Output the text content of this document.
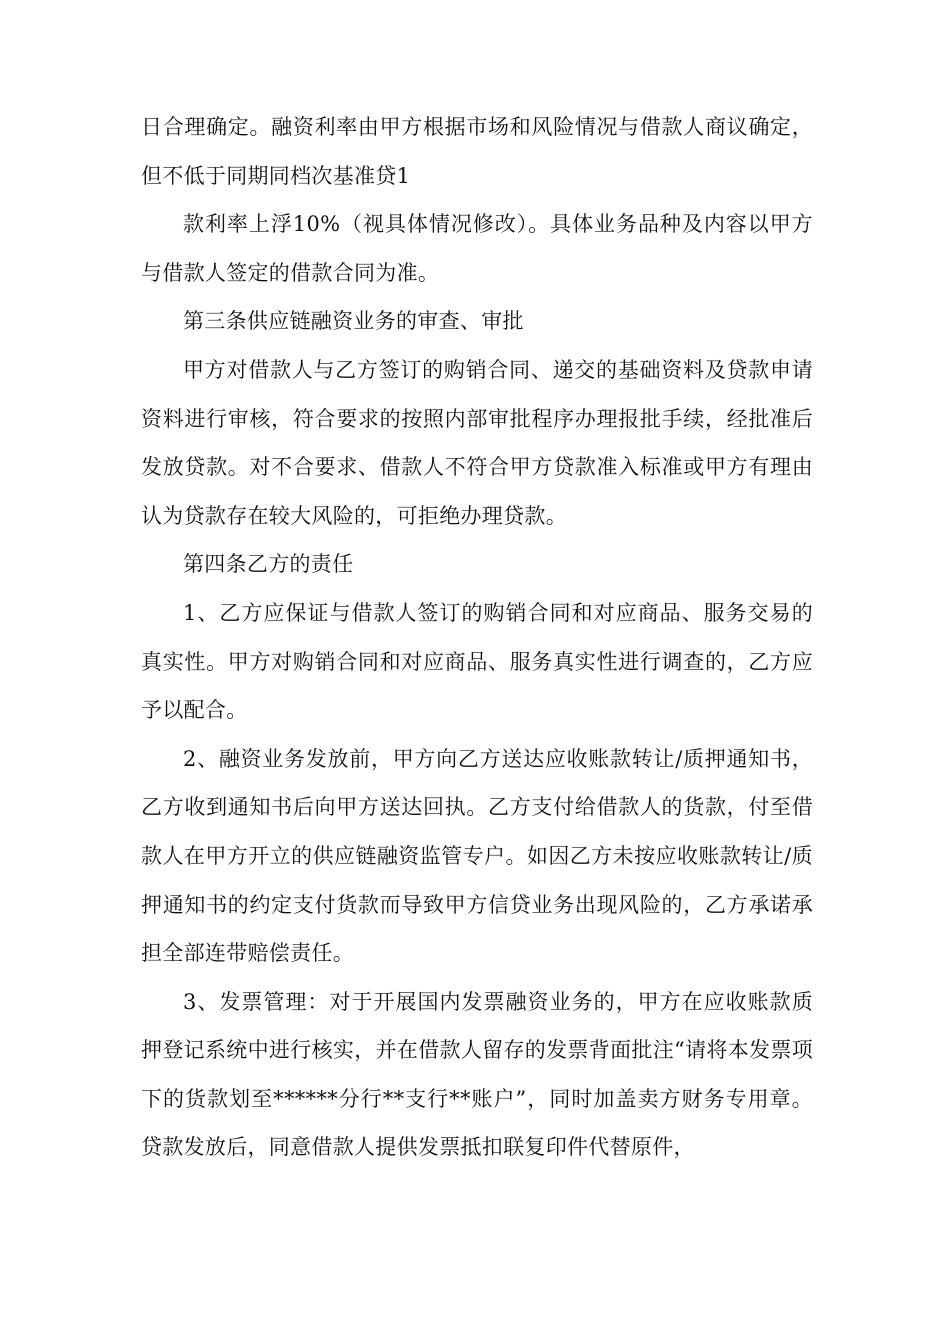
日合理确定。融资利率由甲方根据市场和风险情况与借款人商议确定，但不低于同期同档次基准贷1

款利率上浮10%（视具体情况修改）。具体业务品种及内容以甲方与借款人签定的借款合同为准。

第三条供应链融资业务的审查、审批

甲方对借款人与乙方签订的购销合同、递交的基础资料及贷款申请资料进行审核，符合要求的按照内部审批程序办理报批手续，经批准后发放贷款。对不合要求、借款人不符合甲方贷款准入标准或甲方有理由认为贷款存在较大风险的，可拒绝办理贷款。

第四条乙方的责任

1、乙方应保证与借款人签订的购销合同和对应商品、服务交易的真实性。甲方对购销合同和对应商品、服务真实性进行调查的，乙方应予以配合。

2、融资业务发放前，甲方向乙方送达应收账款转让/质押通知书，乙方收到通知书后向甲方送达回执。乙方支付给借款人的货款，付至借款人在甲方开立的供应链融资监管专户。如因乙方未按应收账款转让/质押通知书的约定支付货款而导致甲方信贷业务出现风险的，乙方承诺承担全部连带赔偿责任。

3、发票管理：对于开展国内发票融资业务的，甲方在应收账款质押登记系统中进行核实，并在借款人留存的发票背面批注“请将本发票项下的货款划至******分行**支行**账户”，同时加盖卖方财务专用章。贷款发放后，同意借款人提供发票抵扣联复印件代替原件，
